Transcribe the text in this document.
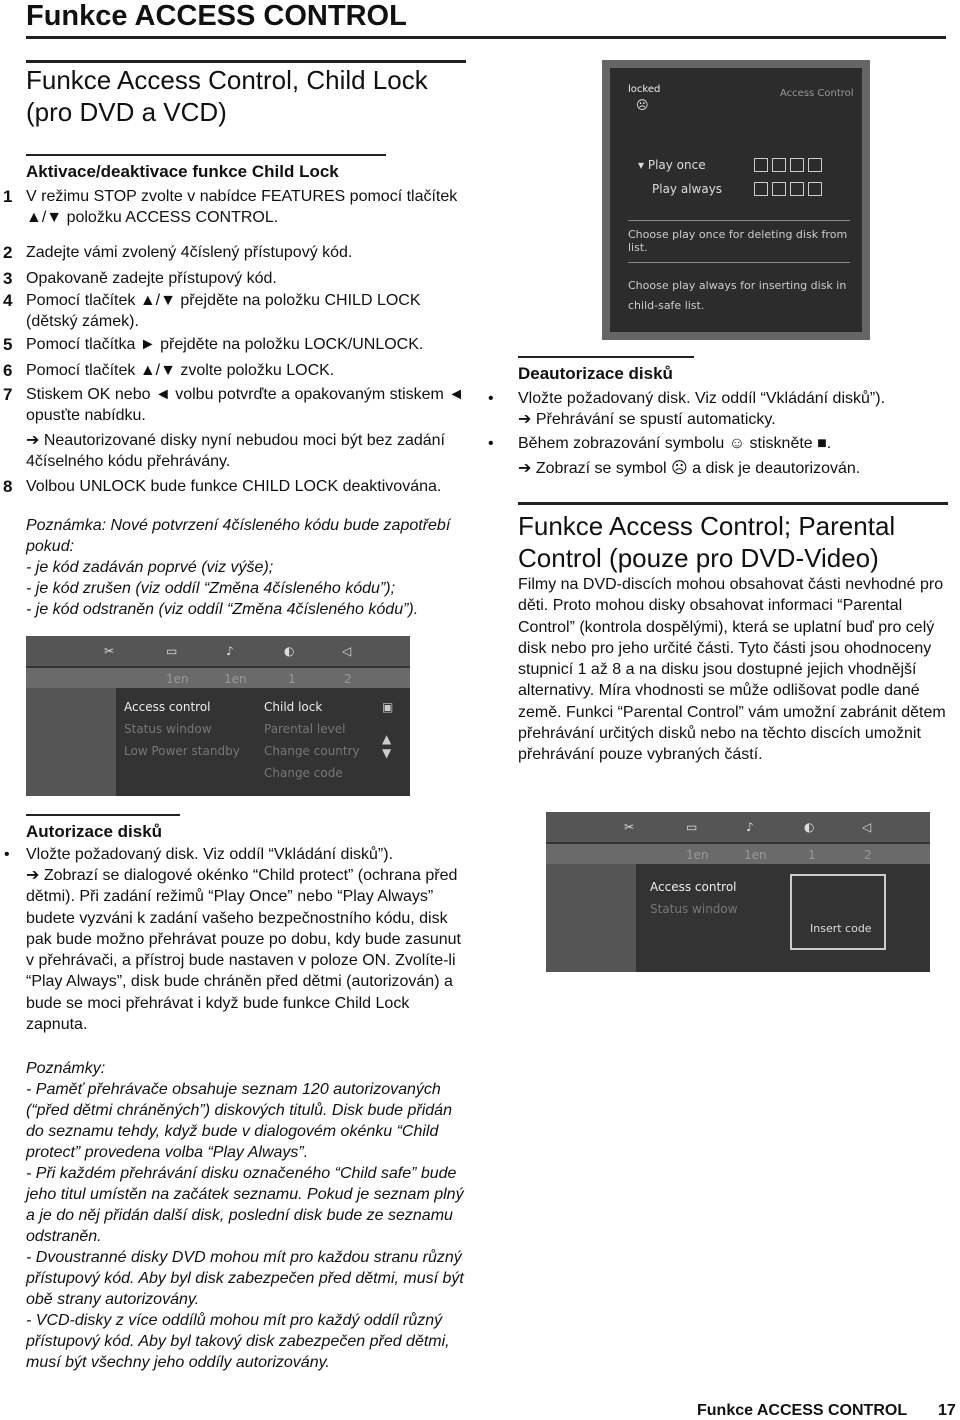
Funkce ACCESS CONTROL
Funkce Access Control, Child Lock (pro DVD a VCD)
Aktivace/deaktivace funkce Child Lock
1 V režimu STOP zvolte v nabídce FEATURES pomocí tlačítek ▲/▼ položku ACCESS CONTROL.
2 Zadejte vámi zvolený 4číslený přístupový kód.
3 Opakovaně zadejte přístupový kód.
4 Pomocí tlačítek ▲/▼ přejděte na položku CHILD LOCK (dětský zámek).
5 Pomocí tlačítka ► přejděte na položku LOCK/UNLOCK.
6 Pomocí tlačítek ▲/▼ zvolte položku LOCK.
7 Stiskem OK nebo ◄ volbu potvrďte a opakovaným stiskem ◄ opusťte nabídku.
➔ Neautorizované disky nyní nebudou moci být bez zadání 4číselného kódu přehrávány.
8 Volbou UNLOCK bude funkce CHILD LOCK deaktivována.
Poznámka: Nové potvrzení 4čísleného kódu bude zapotřebí pokud:
- je kód zadáván poprvé (viz výše);
- je kód zrušen (viz oddíl “Změna 4čísleného kódu”);
- je kód odstraněn (viz oddíl “Změna 4čísleného kódu”).
✂	▭	♪	◐	◁
1en	1en	1	2
Access control
Status window
Low Power standby
Child lock
Parental level
Change country
Change code
▣
▲
▼
locked
☹
Access Control
▾ Play once
Play always
Choose play once for deleting disk from list.
Choose play always for inserting disk in child-safe list.
Deautorizace disků
• Vložte požadovaný disk. Viz oddíl “Vkládání disků”).
➔ Přehrávání se spustí automaticky.
• Během zobrazování symbolu ☺ stiskněte ■.
➔ Zobrazí se symbol ☹ a disk je deautorizován.
Funkce Access Control; Parental Control (pouze pro DVD-Video)
Filmy na DVD-discích mohou obsahovat části nevhodné pro děti. Proto mohou disky obsahovat informaci “Parental Control” (kontrola dospělými), která se uplatní buď pro celý disk nebo pro jeho určité části. Tyto části jsou ohodnoceny stupnicí 1 až 8 a na disku jsou dostupné jejich vhodnější alternativy. Míra vhodnosti se může odlišovat podle dané země. Funkci “Parental Control” vám umožní zabránit dětem přehrávání určitých disků nebo na těchto discích umožnit přehrávání pouze vybraných částí.
Autorizace disků
• Vložte požadovaný disk. Viz oddíl “Vkládání disků”).
➔ Zobrazí se dialogové okénko “Child protect” (ochrana před dětmi). Při zadání režimů “Play Once” nebo “Play Always” budete vyzváni k zadání vašeho bezpečnostního kódu, disk pak bude možno přehrávat pouze po dobu, kdy bude zasunut v přehrávači, a přístroj bude nastaven v poloze ON. Zvolíte-li “Play Always”, disk bude chráněn před dětmi (autorizován) a bude se moci přehrávat i když bude funkce Child Lock zapnuta.
✂	▭	♪	◐	◁
1en	1en	1	2
Access control
Status window
Insert code
Poznámky:
- Paměť přehrávače obsahuje seznam 120 autorizovaných (“před dětmi chráněných”) diskových titulů. Disk bude přidán do seznamu tehdy, když bude v dialogovém okénku “Child protect” provedena volba “Play Always”.
- Při každém přehrávání disku označeného “Child safe” bude jeho titul umístěn na začátek seznamu. Pokud je seznam plný a je do něj přidán další disk, poslední disk bude ze seznamu odstraněn.
- Dvoustranné disky DVD mohou mít pro každou stranu různý přístupový kód. Aby byl disk zabezpečen před dětmi, musí být obě strany autorizovány.
- VCD-disky z více oddílů mohou mít pro každý oddíl různý přístupový kód. Aby byl takový disk zabezpečen před dětmi, musí být všechny jeho oddíly autorizovány.
Funkce ACCESS CONTROL 17
